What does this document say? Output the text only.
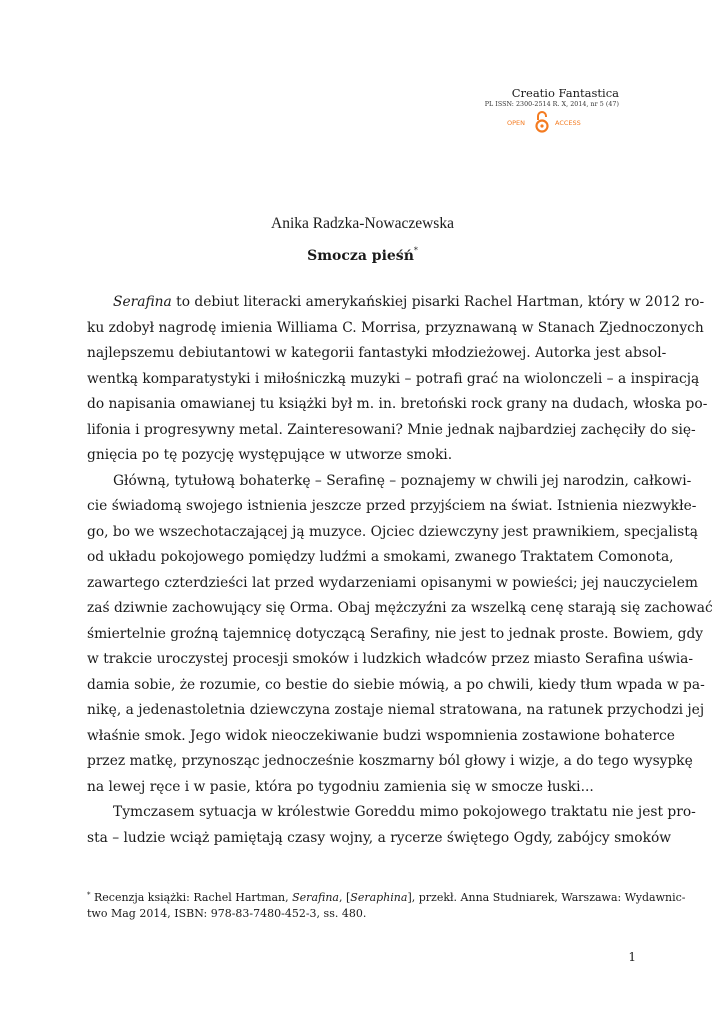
Creatio Fantastica
PL ISSN: 2300-2514 R. X, 2014, nr 5 (47)
OPEN	ACCESS
Anika Radzka-Nowaczewska
Smocza pieśń*
Serafina to debiut literacki amerykańskiej pisarki Rachel Hartman, który w 2012 ro-
ku zdobył nagrodę imienia Williama C. Morrisa, przyznawaną w Stanach Zjednoczonych
najlepszemu debiutantowi w kategorii fantastyki młodzieżowej. Autorka jest absol-
wentką komparatystyki i miłośniczką muzyki – potrafi grać na wiolonczeli – a inspiracją
do napisania omawianej tu książki był m. in. bretoński rock grany na dudach, włoska po-
lifonia i progresywny metal. Zainteresowani? Mnie jednak najbardziej zachęciły do się-
gnięcia po tę pozycję występujące w utworze smoki.
Główną, tytułową bohaterkę – Serafinę – poznajemy w chwili jej narodzin, całkowi-
cie świadomą swojego istnienia jeszcze przed przyjściem na świat. Istnienia niezwykłe-
go, bo we wszechotaczającej ją muzyce. Ojciec dziewczyny jest prawnikiem, specjalistą
od układu pokojowego pomiędzy ludźmi a smokami, zwanego Traktatem Comonota,
zawartego czterdzieści lat przed wydarzeniami opisanymi w powieści; jej nauczycielem
zaś dziwnie zachowujący się Orma. Obaj mężczyźni za wszelką cenę starają się zachować
śmiertelnie groźną tajemnicę dotyczącą Serafiny, nie jest to jednak proste. Bowiem, gdy
w trakcie uroczystej procesji smoków i ludzkich władców przez miasto Serafina uświa-
damia sobie, że rozumie, co bestie do siebie mówią, a po chwili, kiedy tłum wpada w pa-
nikę, a jedenastoletnia dziewczyna zostaje niemal stratowana, na ratunek przychodzi jej
właśnie smok. Jego widok nieoczekiwanie budzi wspomnienia zostawione bohaterce
przez matkę, przynosząc jednocześnie koszmarny ból głowy i wizje, a do tego wysypkę
na lewej ręce i w pasie, która po tygodniu zamienia się w smocze łuski...
Tymczasem sytuacja w królestwie Goreddu mimo pokojowego traktatu nie jest pro-
sta – ludzie wciąż pamiętają czasy wojny, a rycerze świętego Ogdy, zabójcy smoków
* Recenzja książki: Rachel Hartman, Serafina, [Seraphina], przekł. Anna Studniarek, Warszawa: Wydawnic-
two Mag 2014, ISBN: 978-83-7480-452-3, ss. 480.
1
